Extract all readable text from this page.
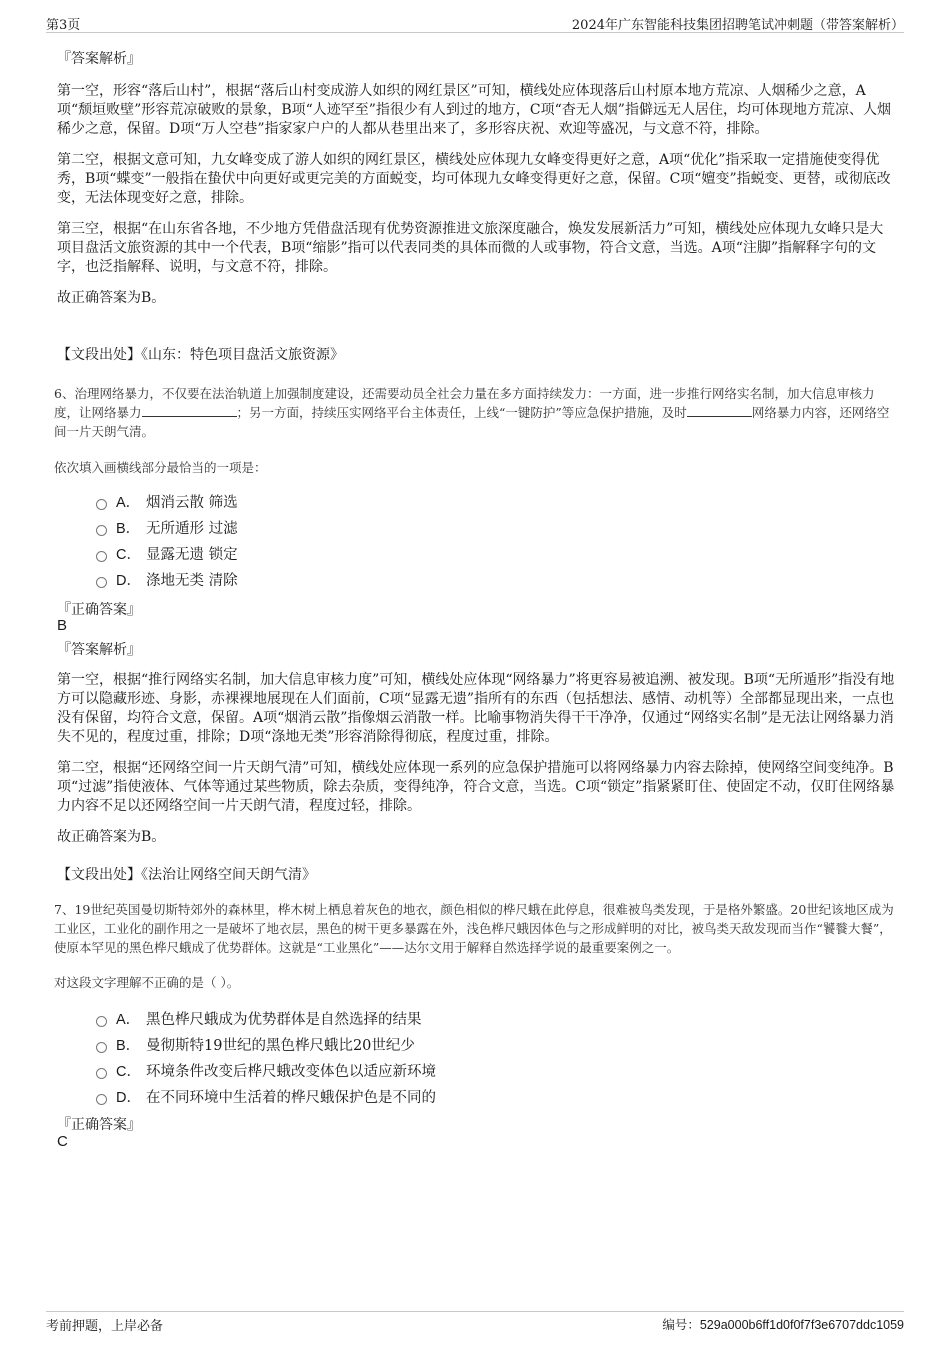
第3页	2024年广东智能科技集团招聘笔试冲刺题（带答案解析）
『答案解析』

第一空，形容“落后山村”，根据“落后山村变成游人如织的网红景区”可知，横线处应体现落后山村原本地方荒凉、人烟稀少之意，A项“颓垣败壁”形容荒凉破败的景象，B项“人迹罕至”指很少有人到过的地方，C项“杳无人烟”指僻远无人居住，均可体现地方荒凉、人烟稀少之意，保留。D项“万人空巷”指家家户户的人都从巷里出来了，多形容庆祝、欢迎等盛况，与文意不符，排除。

第二空，根据文意可知，九女峰变成了游人如织的网红景区，横线处应体现九女峰变得更好之意，A项“优化”指采取一定措施使变得优秀，B项“蝶变”一般指在蛰伏中向更好或更完美的方面蜕变，均可体现九女峰变得更好之意，保留。C项“嬗变”指蜕变、更替，或彻底改变，无法体现变好之意，排除。

第三空，根据“在山东省各地，不少地方凭借盘活现有优势资源推进文旅深度融合，焕发发展新活力”可知，横线处应体现九女峰只是大项目盘活文旅资源的其中一个代表，B项“缩影”指可以代表同类的具体而微的人或事物，符合文意，当选。A项“注脚”指解释字句的文字，也泛指解释、说明，与文意不符，排除。

故正确答案为B。

【文段出处】《山东：特色项目盘活文旅资源》
6、治理网络暴力，不仅要在法治轨道上加强制度建设，还需要动员全社会力量在多方面持续发力：一方面，进一步推行网络实名制，加大信息审核力度，让网络暴力	；另一方面，持续压实网络平台主体责任，上线“一键防护”等应急保护措施，及时	网络暴力内容，还网络空间一片天朗气清。
依次填入画横线部分最恰当的一项是：
A． 烟消云散 筛选
B． 无所遁形 过滤
C． 显露无遗 锁定
D． 涤地无类 清除
『正确答案』
B
『答案解析』

第一空，根据“推行网络实名制，加大信息审核力度”可知，横线处应体现“网络暴力”将更容易被追溯、被发现。B项“无所遁形”指没有地方可以隐藏形迹、身影，赤裸裸地展现在人们面前，C项“显露无遗”指所有的东西（包括想法、感情、动机等）全部都显现出来，一点也没有保留，均符合文意，保留。A项“烟消云散”指像烟云消散一样。比喻事物消失得干干净净，仅通过“网络实名制”是无法让网络暴力消失不见的，程度过重，排除；D项“涤地无类”形容消除得彻底，程度过重，排除。

第二空，根据“还网络空间一片天朗气清”可知，横线处应体现一系列的应急保护措施可以将网络暴力内容去除掉，使网络空间变纯净。B项“过滤”指使液体、气体等通过某些物质，除去杂质，变得纯净，符合文意，当选。C项“锁定”指紧紧盯住、使固定不动，仅盯住网络暴力内容不足以还网络空间一片天朗气清，程度过轻，排除。

故正确答案为B。

【文段出处】《法治让网络空间天朗气清》
7、19世纪英国曼切斯特郊外的森林里，桦木树上栖息着灰色的地衣，颜色相似的桦尺蛾在此停息，很难被鸟类发现，于是格外繁盛。20世纪该地区成为工业区，工业化的副作用之一是破坏了地衣层，黑色的树干更多暴露在外，浅色桦尺蛾因体色与之形成鲜明的对比，被鸟类天敌发现而当作“饕餮大餐”，使原本罕见的黑色桦尺蛾成了优势群体。这就是“工业黑化”——达尔文用于解释自然选择学说的最重要案例之一。
对这段文字理解不正确的是（ ）。
A． 黑色桦尺蛾成为优势群体是自然选择的结果
B． 曼彻斯特19世纪的黑色桦尺蛾比20世纪少
C． 环境条件改变后桦尺蛾改变体色以适应新环境
D． 在不同环境中生活着的桦尺蛾保护色是不同的
『正确答案』
C
考前押题，上岸必备	编号：529a000b6ff1d0f0f7f3e6707ddc1059
